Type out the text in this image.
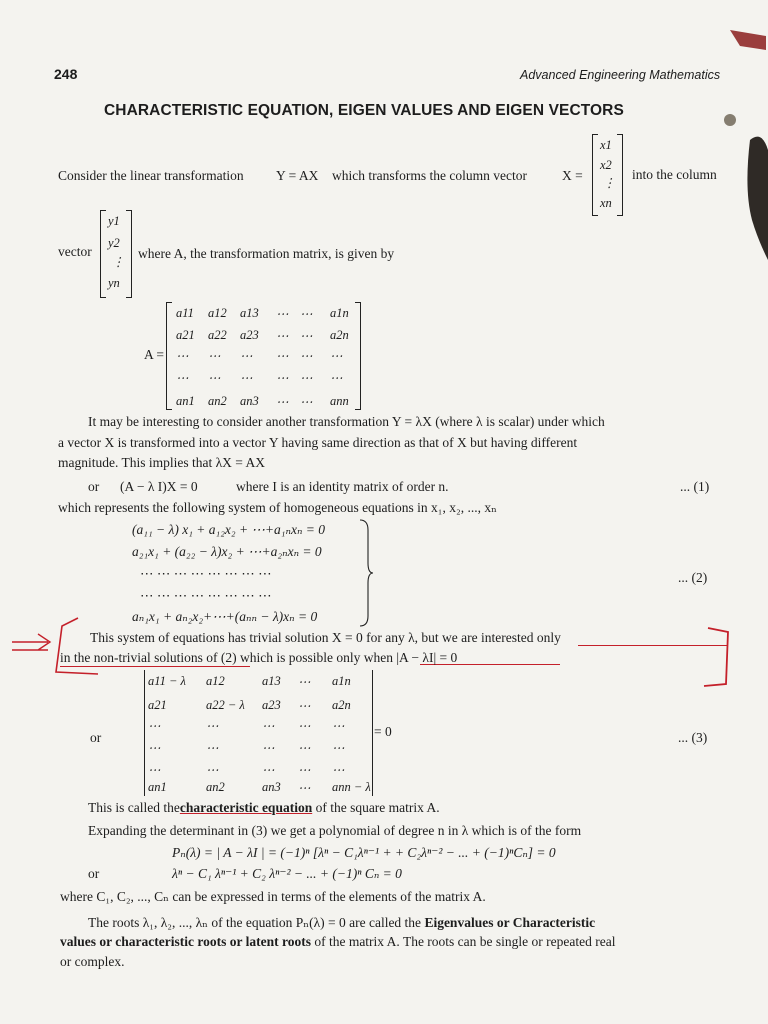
248	Advanced Engineering Mathematics
CHARACTERISTIC EQUATION, EIGEN VALUES AND EIGEN VECTORS
Consider the linear transformation Y = AX which transforms the column vector	X =	into the column
x1
x2
⋮
xn
vector
y1
y2
⋮
yn
where A, the transformation matrix, is given by
A =
a11 a12 a13 ⋯ ⋯ a1n
a21 a22 a23 ⋯ ⋯ a2n
⋯ ⋯ ⋯ ⋯ ⋯ ⋯
⋯ ⋯ ⋯ ⋯ ⋯ ⋯
an1 an2 an3 ⋯ ⋯ ann
It may be interesting to consider another transformation Y = λX (where λ is scalar) under which
a vector X is transformed into a vector Y having same direction as that of X but having different
magnitude. This implies that λX = AX
or (A − λ I)X = 0	where I is an identity matrix of order n.	... (1)
which represents the following system of homogeneous equations in x₁, x₂, ..., xₙ
(a₁₁ − λ) x₁ + a₁₂x₂ + ⋯+a₁ₙxₙ = 0
a₂₁x₁ + (a₂₂ − λ)x₂ + ⋯+a₂ₙxₙ = 0
⋯ ⋯ ⋯ ⋯ ⋯ ⋯ ⋯ ⋯
⋯ ⋯ ⋯ ⋯ ⋯ ⋯ ⋯ ⋯
aₙ₁x₁ + aₙ₂x₂+⋯+(aₙₙ − λ)xₙ = 0
... (2)
This system of equations has trivial solution X = 0 for any λ, but we are interested only
in the non-trivial solutions of (2) which is possible only when |A − λI| = 0
or
a11 − λ a12	a13 ⋯ a1n
a21	a22 − λ a23 ⋯ a2n
⋯	⋯	⋯ ⋯ ⋯
⋯	⋯	⋯ ⋯ ⋯
⋯	⋯	⋯ ⋯ ⋯
an1	an2	an3 ⋯ ann − λ
= 0	... (3)
This is called thecharacteristic equation of the square matrix A.
Expanding the determinant in (3) we get a polynomial of degree n in λ which is of the form
Pₙ(λ) = | A − λI | = (−1)ⁿ [λⁿ − C₁λⁿ⁻¹ + + C₂λⁿ⁻² − ... + (−1)ⁿCₙ] = 0
or	λⁿ − C₁ λⁿ⁻¹ + C₂ λⁿ⁻² − ... + (−1)ⁿ Cₙ = 0
where C₁, C₂, ..., Cₙ can be expressed in terms of the elements of the matrix A.
The roots λ₁, λ₂, ..., λₙ of the equation Pₙ(λ) = 0 are called the Eigenvalues or Characteristic
values or characteristic roots or latent roots of the matrix A. The roots can be single or repeated real
or complex.
